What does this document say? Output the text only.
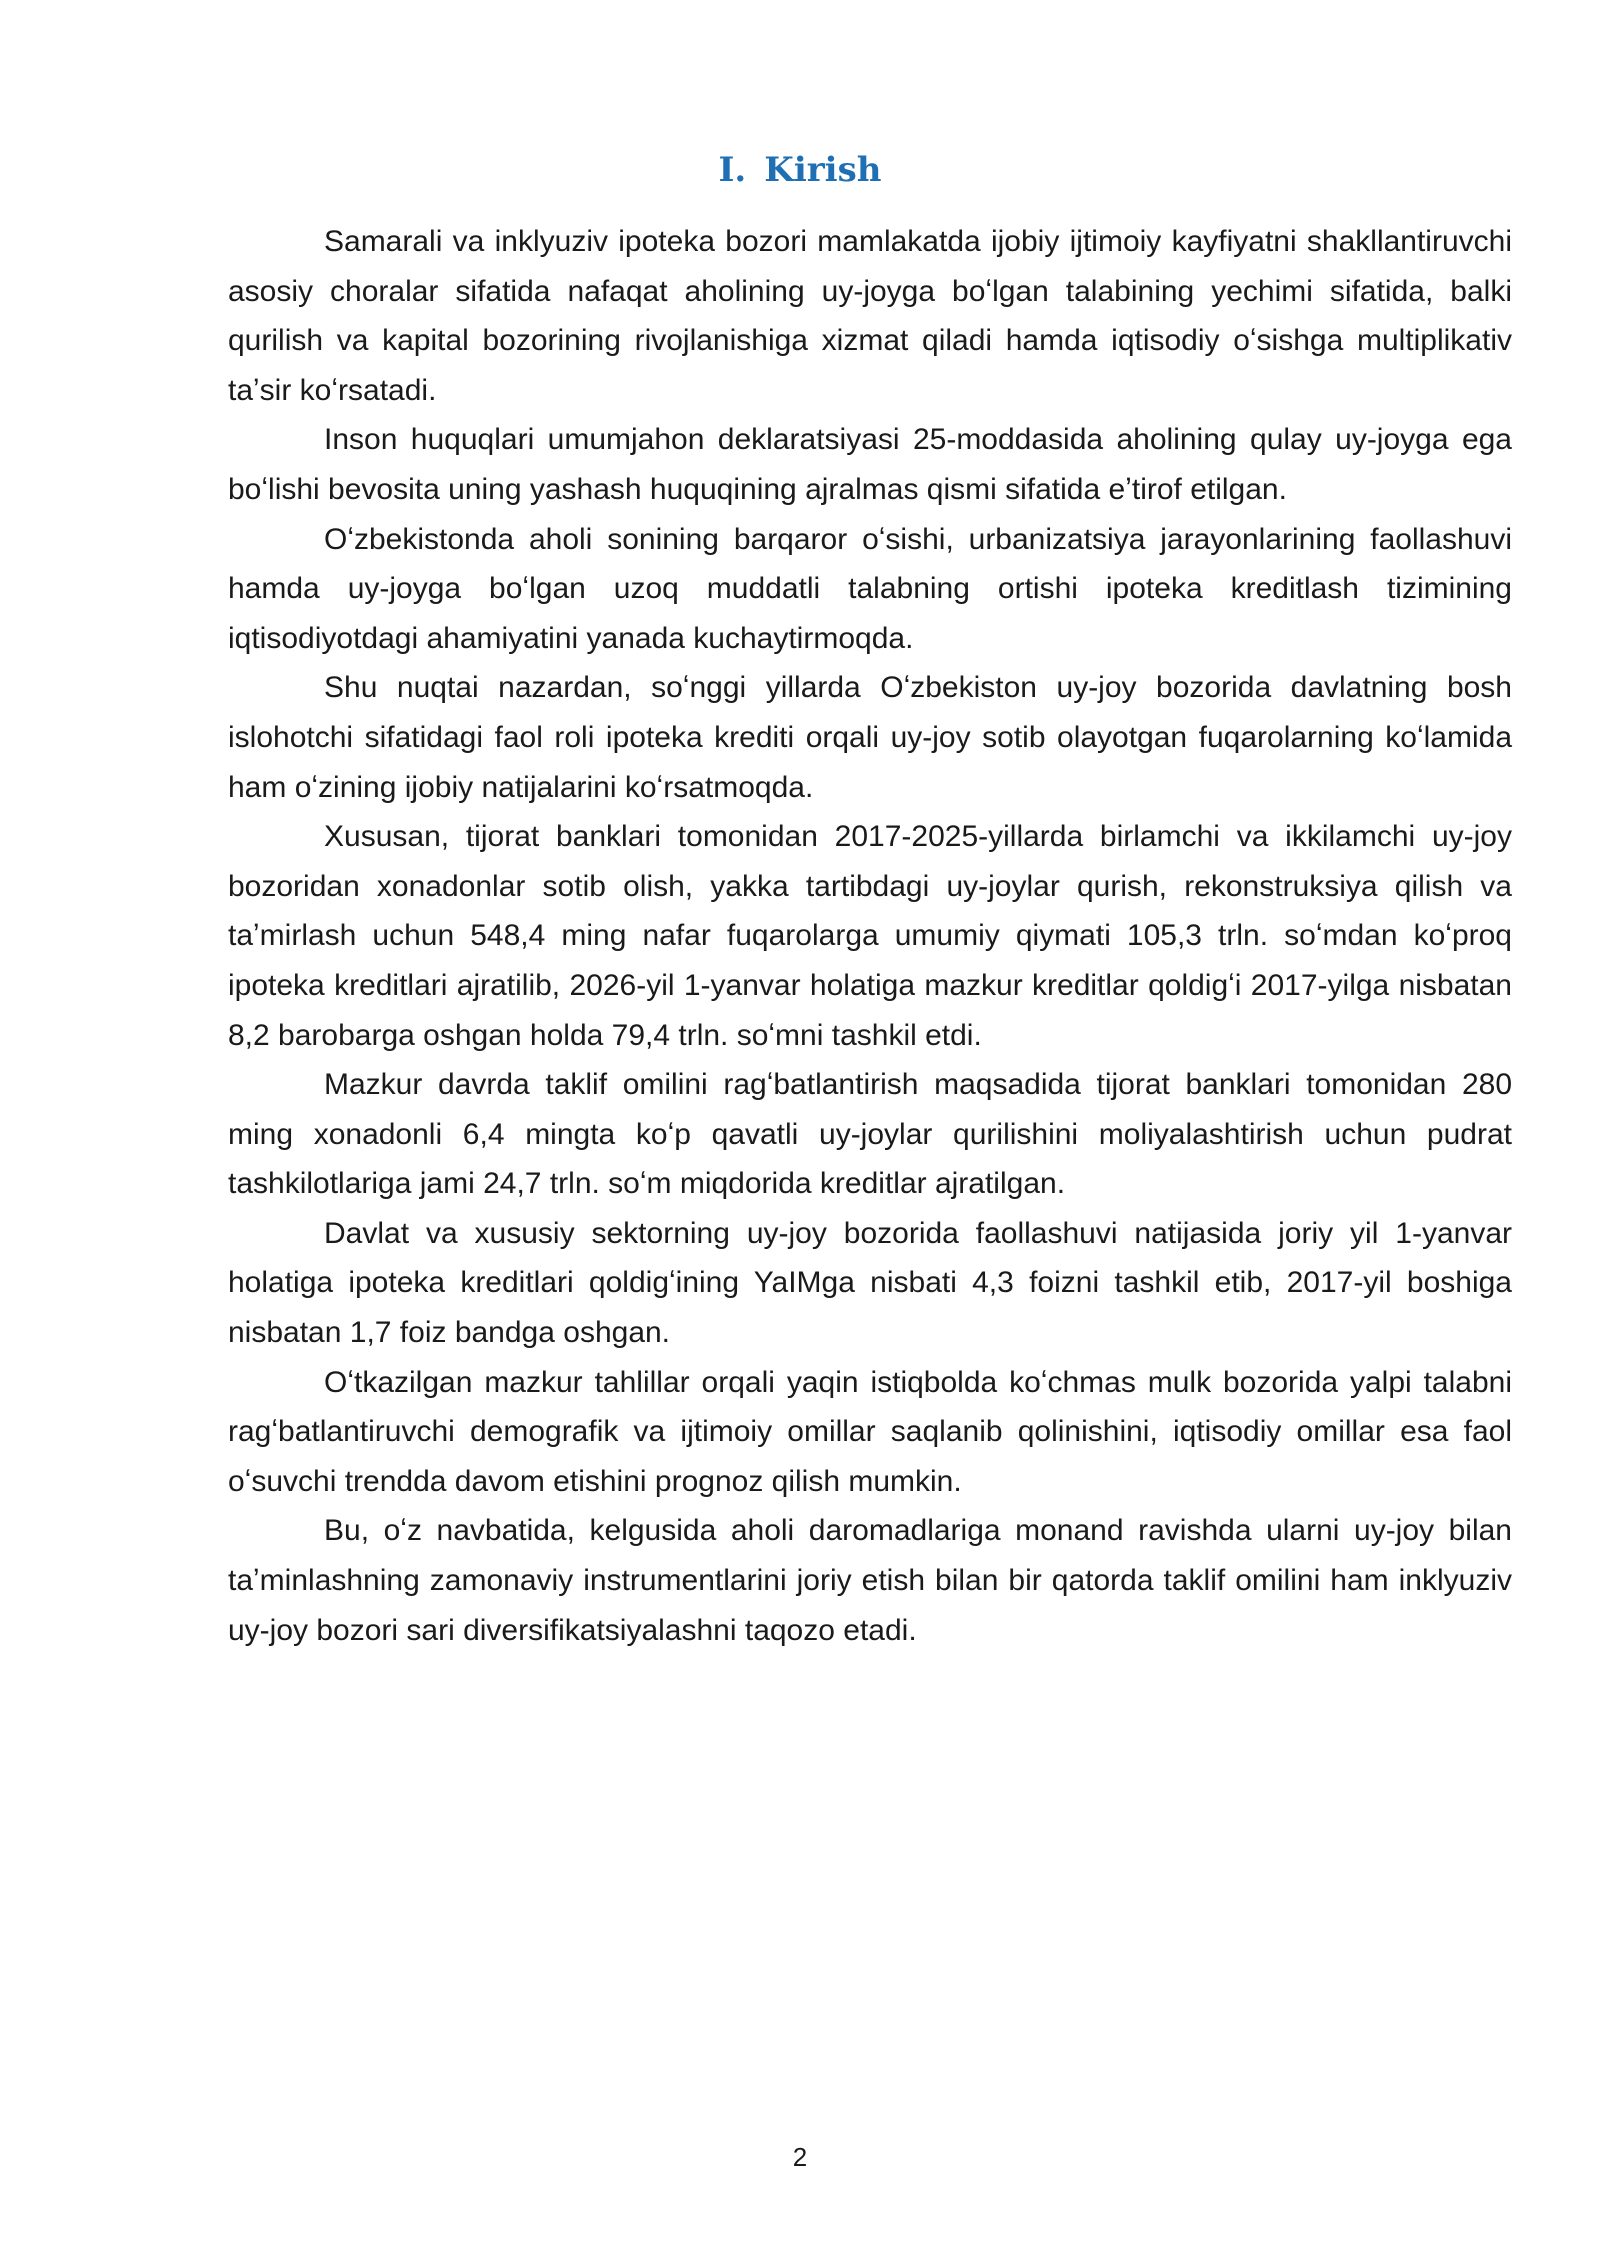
I. Kirish

Samarali va inklyuziv ipoteka bozori mamlakatda ijobiy ijtimoiy kayfiyatni shakllantiruvchi asosiy choralar sifatida nafaqat aholining uy-joyga boʻlgan talabining yechimi sifatida, balki qurilish va kapital bozorining rivojlanishiga xizmat qiladi hamda iqtisodiy oʻsishga multiplikativ taʼsir koʻrsatadi.

Inson huquqlari umumjahon deklaratsiyasi 25-moddasida aholining qulay uy-joyga ega boʻlishi bevosita uning yashash huquqining ajralmas qismi sifatida eʼtirof etilgan.

Oʻzbekistonda aholi sonining barqaror oʻsishi, urbanizatsiya jarayonlarining faollashuvi hamda uy-joyga boʻlgan uzoq muddatli talabning ortishi ipoteka kreditlash tizimining iqtisodiyotdagi ahamiyatini yanada kuchaytirmoqda.

Shu nuqtai nazardan, soʻnggi yillarda Oʻzbekiston uy-joy bozorida davlatning bosh islohotchi sifatidagi faol roli ipoteka krediti orqali uy-joy sotib olayotgan fuqarolarning koʻlamida ham oʻzining ijobiy natijalarini koʻrsatmoqda.

Xususan, tijorat banklari tomonidan 2017-2025-yillarda birlamchi va ikkilamchi uy-joy bozoridan xonadonlar sotib olish, yakka tartibdagi uy-joylar qurish, rekonstruksiya qilish va taʼmirlash uchun 548,4 ming nafar fuqarolarga umumiy qiymati 105,3 trln. soʻmdan koʻproq ipoteka kreditlari ajratilib, 2026-yil 1-yanvar holatiga mazkur kreditlar qoldigʻi 2017-yilga nisbatan 8,2 barobarga oshgan holda 79,4 trln. soʻmni tashkil etdi.

Mazkur davrda taklif omilini ragʻbatlantirish maqsadida tijorat banklari tomonidan 280 ming xonadonli 6,4 mingta koʻp qavatli uy-joylar qurilishini moliyalashtirish uchun pudrat tashkilotlariga jami 24,7 trln. soʻm miqdorida kreditlar ajratilgan.

Davlat va xususiy sektorning uy-joy bozorida faollashuvi natijasida joriy yil 1-yanvar holatiga ipoteka kreditlari qoldigʻining YaIMga nisbati 4,3 foizni tashkil etib, 2017-yil boshiga nisbatan 1,7 foiz bandga oshgan.

Oʻtkazilgan mazkur tahlillar orqali yaqin istiqbolda koʻchmas mulk bozorida yalpi talabni ragʻbatlantiruvchi demografik va ijtimoiy omillar saqlanib qolinishini, iqtisodiy omillar esa faol oʻsuvchi trendda davom etishini prognoz qilish mumkin.

Bu, oʻz navbatida, kelgusida aholi daromadlariga monand ravishda ularni uy-joy bilan taʼminlashning zamonaviy instrumentlarini joriy etish bilan bir qatorda taklif omilini ham inklyuziv uy-joy bozori sari diversifikatsiyalashni taqozo etadi.

2
